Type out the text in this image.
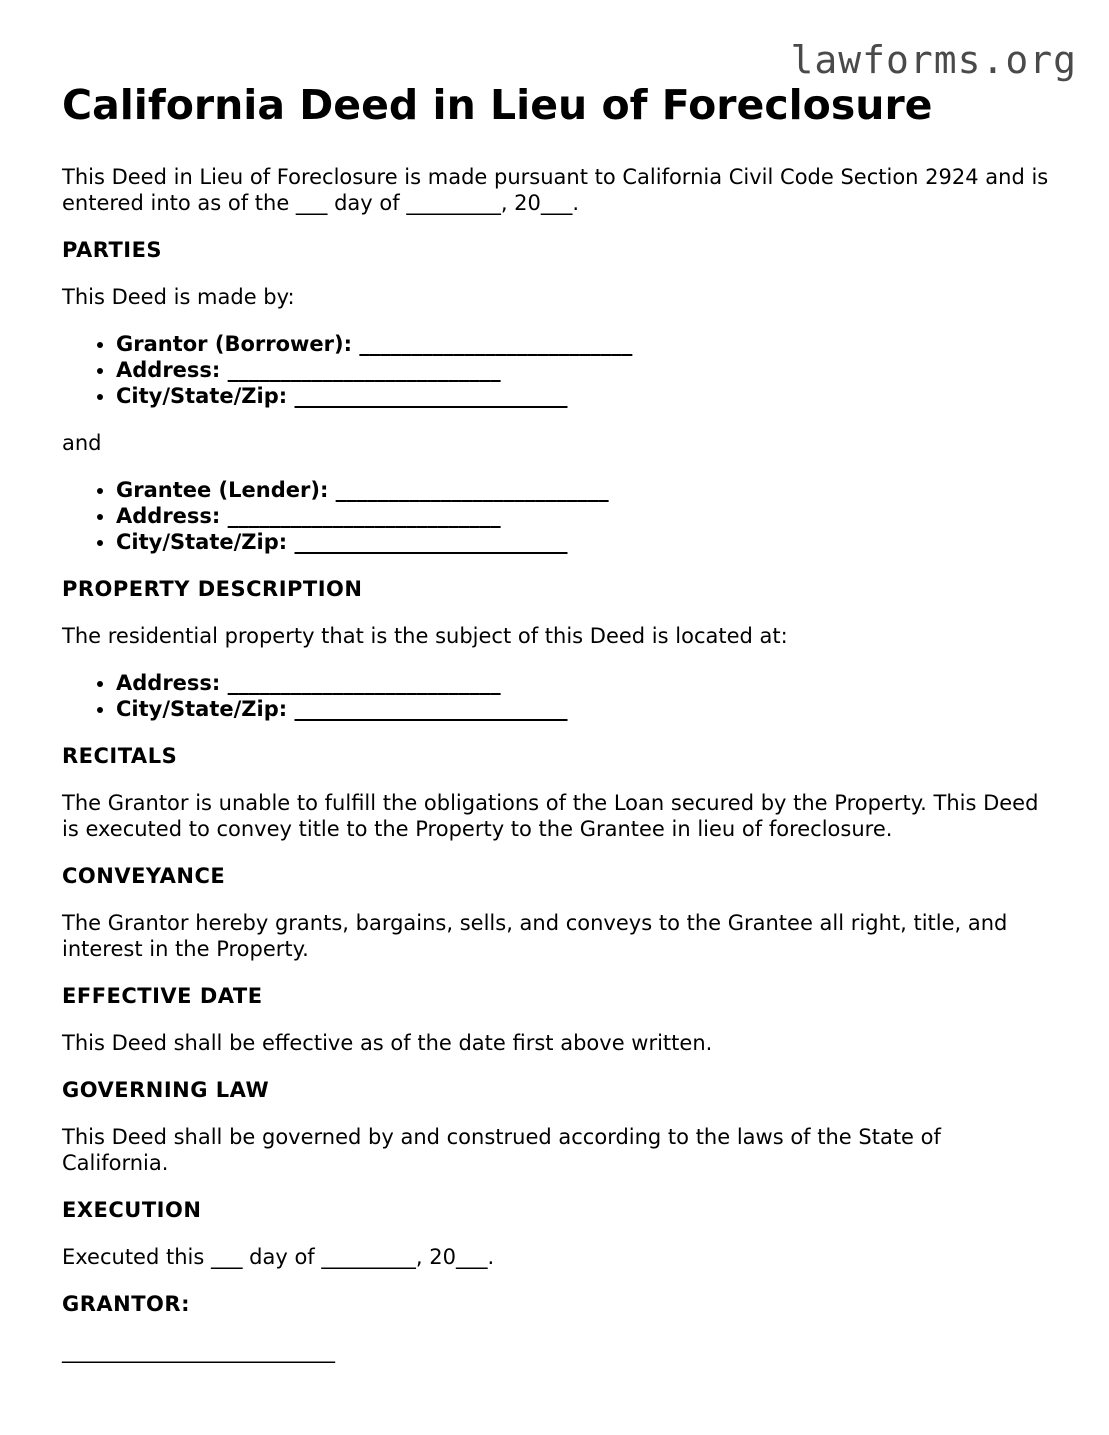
lawforms.org
California Deed in Lieu of Foreclosure

This Deed in Lieu of Foreclosure is made pursuant to California Civil Code Section 2924 and is entered into as of the ___ day of _________, 20___.

PARTIES

This Deed is made by:

• Grantor (Borrower): __________________________
• Address: __________________________
• City/State/Zip: __________________________

and

• Grantee (Lender): __________________________
• Address: __________________________
• City/State/Zip: __________________________
PROPERTY DESCRIPTION

The residential property that is the subject of this Deed is located at:

• Address: __________________________
• City/State/Zip: __________________________
RECITALS

The Grantor is unable to fulfill the obligations of the Loan secured by the Property. This Deed is executed to convey title to the Property to the Grantee in lieu of foreclosure.

CONVEYANCE

The Grantor hereby grants, bargains, sells, and conveys to the Grantee all right, title, and interest in the Property.

EFFECTIVE DATE

This Deed shall be effective as of the date first above written.

GOVERNING LAW

This Deed shall be governed by and construed according to the laws of the State of California.

EXECUTION

Executed this ___ day of _________, 20___.

GRANTOR:
__________________________
